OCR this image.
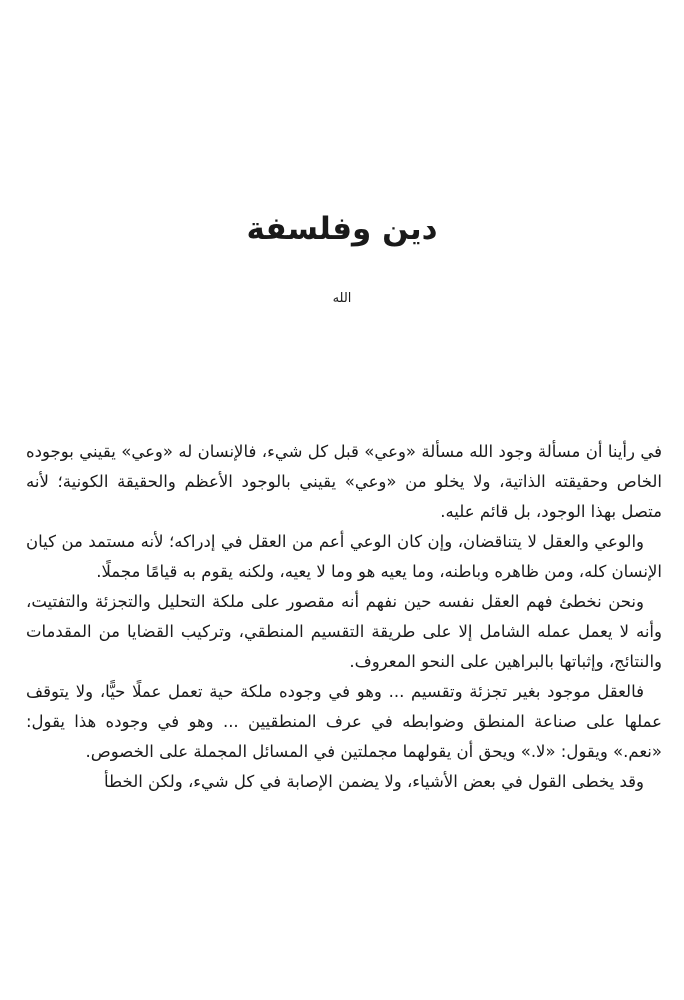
دين وفلسفة

الله

في رأينا أن مسألة وجود الله مسألة «وعي» قبل كل شيء، فالإنسان له «وعي» يقيني بوجوده الخاص وحقيقته الذاتية، ولا يخلو من «وعي» يقيني بالوجود الأعظم والحقيقة الكونية؛ لأنه متصل بهذا الوجود، بل قائم عليه.

والوعي والعقل لا يتناقضان، وإن كان الوعي أعم من العقل في إدراكه؛ لأنه مستمد من كيان الإنسان كله، ومن ظاهره وباطنه، وما يعيه هو وما لا يعيه، ولكنه يقوم به قيامًا مجملًا.

ونحن نخطئ فهم العقل نفسه حين نفهم أنه مقصور على ملكة التحليل والتجزئة والتفتيت، وأنه لا يعمل عمله الشامل إلا على طريقة التقسيم المنطقي، وتركيب القضايا من المقدمات والنتائج، وإثباتها بالبراهين على النحو المعروف.

فالعقل موجود بغير تجزئة وتقسيم ... وهو في وجوده ملكة حية تعمل عملًا حيًّا، ولا يتوقف عملها على صناعة المنطق وضوابطه في عرف المنطقيين ... وهو في وجوده هذا يقول: «نعم.» ويقول: «لا.» ويحق أن يقولهما مجملتين في المسائل المجملة على الخصوص.

وقد يخطى القول في بعض الأشياء، ولا يضمن الإصابة في كل شيء، ولكن الخطأ
